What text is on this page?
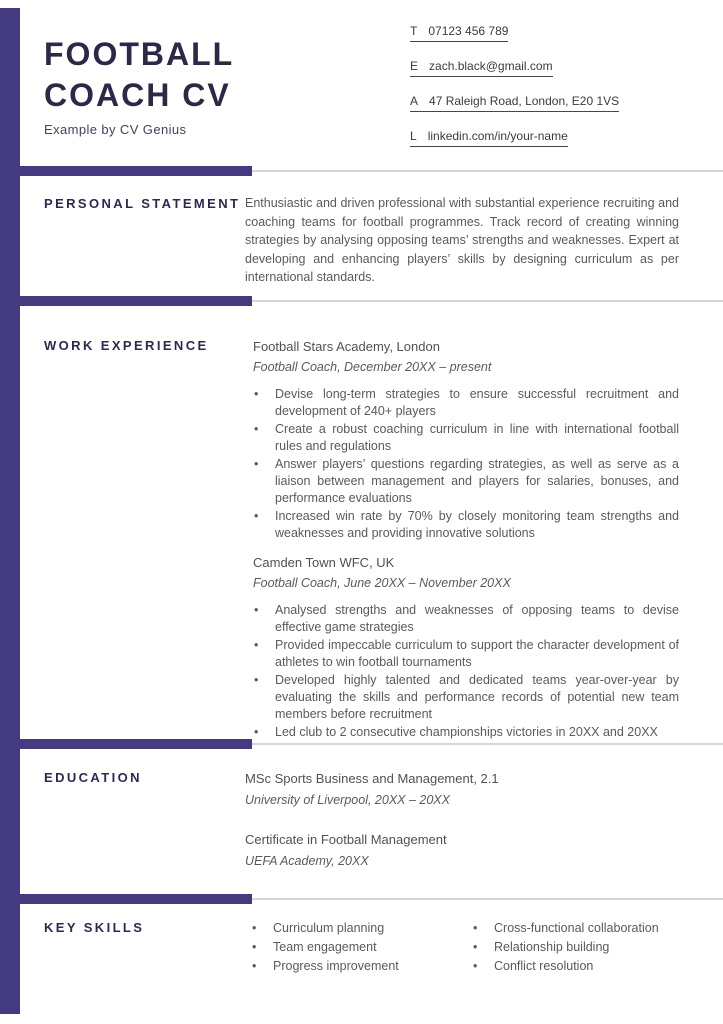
FOOTBALL
COACH CV
Example by CV Genius
T 07123 456 789
E zach.black@gmail.com
A 47 Raleigh Road, London, E20 1VS
L linkedin.com/in/your-name
PERSONAL STATEMENT Enthusiastic and driven professional with substantial experience recruiting and coaching teams for football programmes. Track record of creating winning strategies by analysing opposing teams’ strengths and weaknesses. Expert at developing and enhancing players’ skills by designing curriculum as per international standards.
WORK EXPERIENCE	Football Stars Academy, London
Football Coach, December 20XX – present
• Devise long-term strategies to ensure successful recruitment and development of 240+ players
• Create a robust coaching curriculum in line with international football rules and regulations
• Answer players’ questions regarding strategies, as well as serve as a liaison between management and players for salaries, bonuses, and performance evaluations
• Increased win rate by 70% by closely monitoring team strengths and weaknesses and providing innovative solutions
Camden Town WFC, UK
Football Coach, June 20XX – November 20XX
• Analysed strengths and weaknesses of opposing teams to devise effective game strategies
• Provided impeccable curriculum to support the character development of athletes to win football tournaments
• Developed highly talented and dedicated teams year-over-year by evaluating the skills and performance records of potential new team members before recruitment
• Led club to 2 consecutive championships victories in 20XX and 20XX
EDUCATION	MSc Sports Business and Management, 2.1
University of Liverpool, 20XX – 20XX
Certificate in Football Management
UEFA Academy, 20XX
KEY SKILLS	• Curriculum planning
• Team engagement
• Progress improvement
• Cross-functional collaboration
• Relationship building
• Conflict resolution
